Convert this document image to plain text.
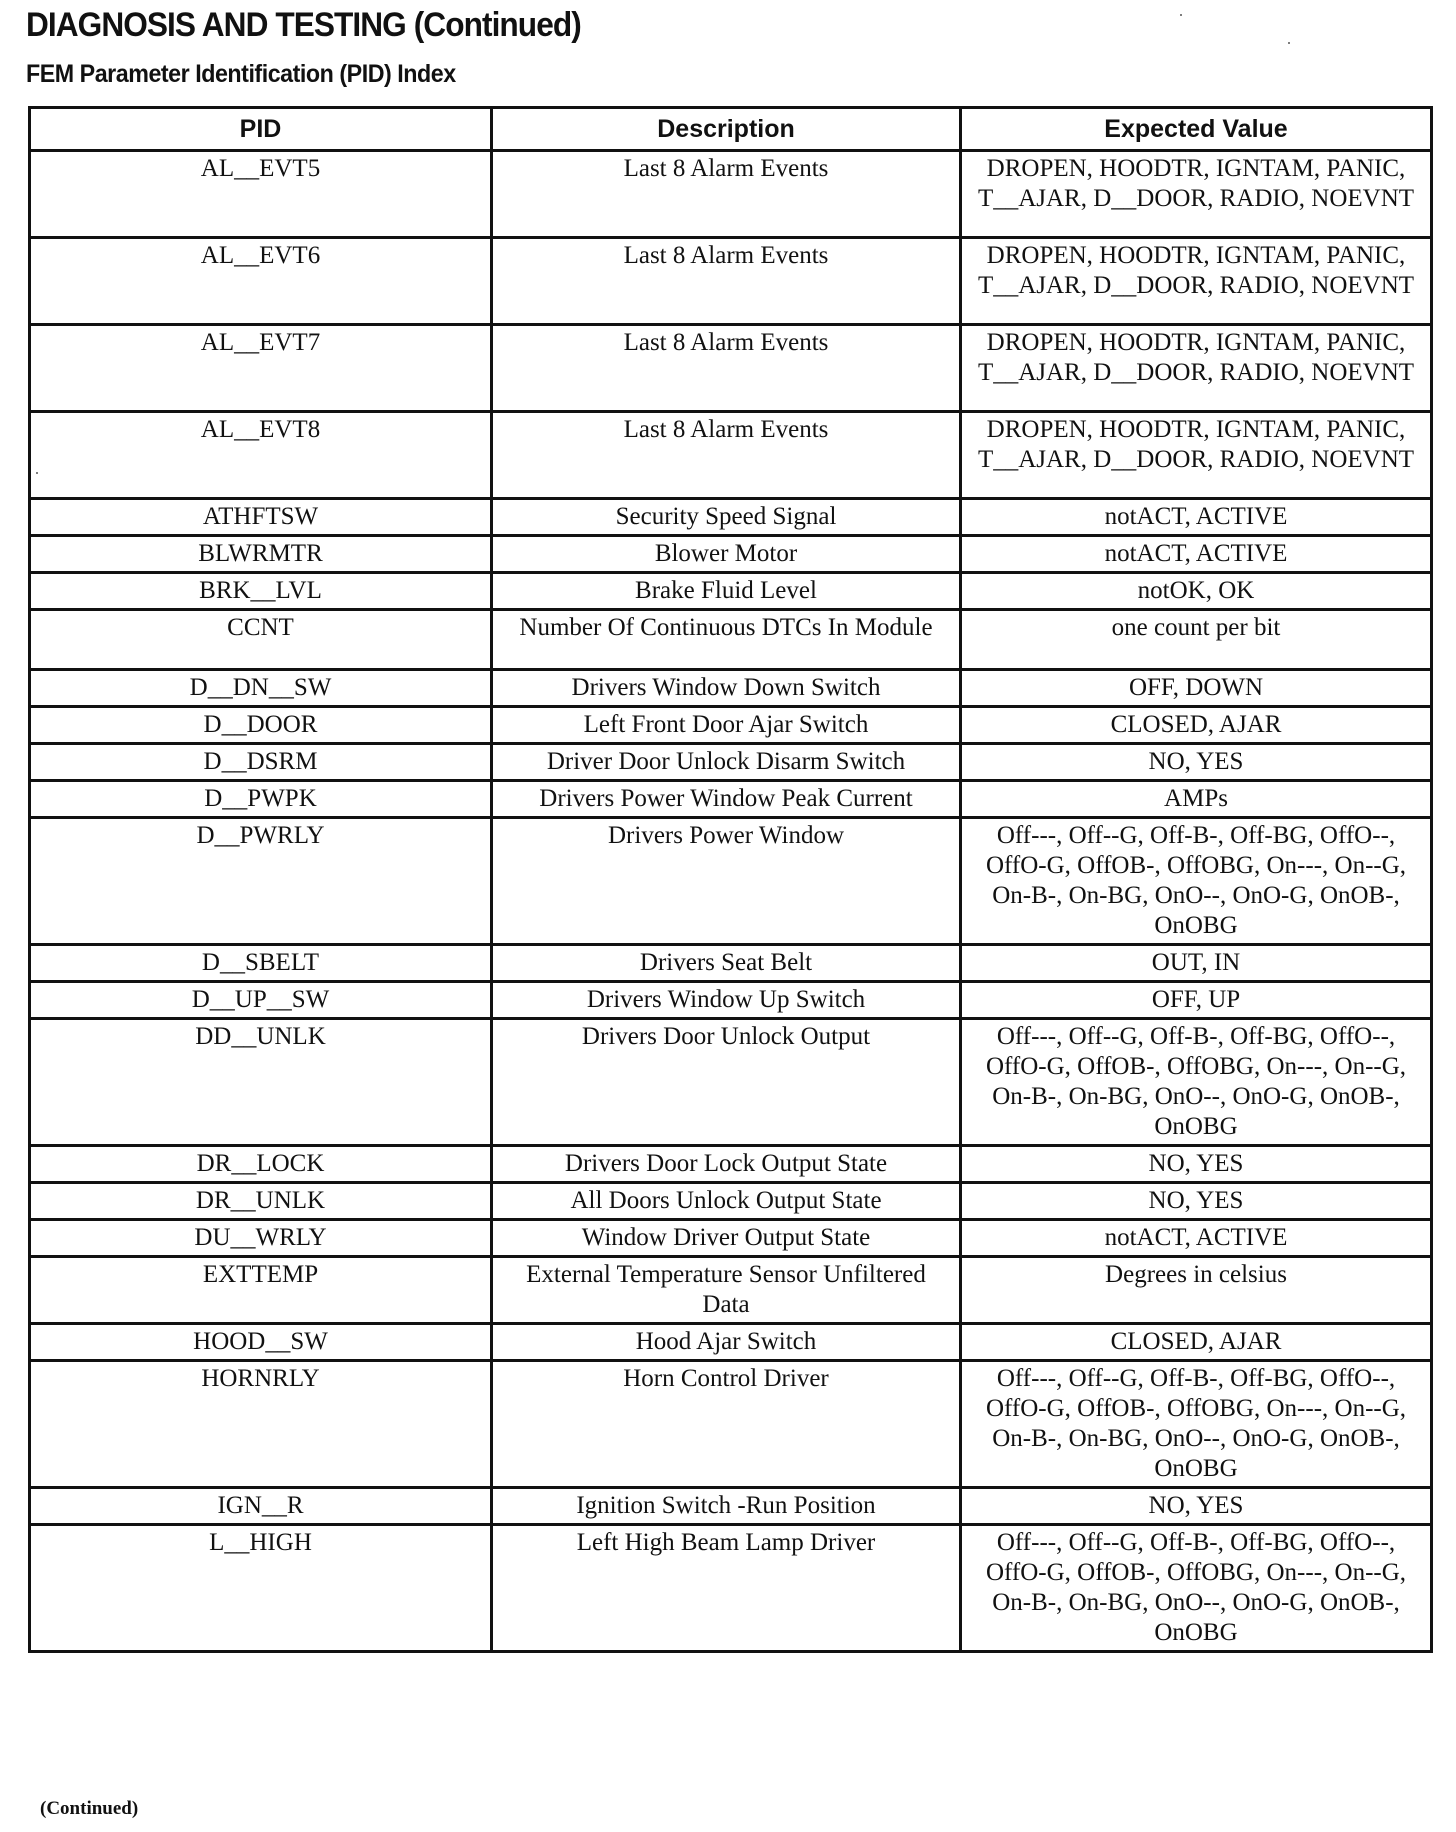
DIAGNOSIS AND TESTING (Continued)
FEM Parameter Identification (PID) Index
PID	Description	Expected Value
AL__EVT5	Last 8 Alarm Events	DROPEN, HOODTR, IGNTAM, PANIC, T__AJAR, D__DOOR, RADIO, NOEVNT
AL__EVT6	Last 8 Alarm Events	DROPEN, HOODTR, IGNTAM, PANIC, T__AJAR, D__DOOR, RADIO, NOEVNT
AL__EVT7	Last 8 Alarm Events	DROPEN, HOODTR, IGNTAM, PANIC, T__AJAR, D__DOOR, RADIO, NOEVNT
AL__EVT8	Last 8 Alarm Events	DROPEN, HOODTR, IGNTAM, PANIC, T__AJAR, D__DOOR, RADIO, NOEVNT
ATHFTSW	Security Speed Signal	notACT, ACTIVE
BLWRMTR	Blower Motor	notACT, ACTIVE
BRK__LVL	Brake Fluid Level	notOK, OK
CCNT	Number Of Continuous DTCs In Module	one count per bit
D__DN__SW	Drivers Window Down Switch	OFF, DOWN
D__DOOR	Left Front Door Ajar Switch	CLOSED, AJAR
D__DSRM	Driver Door Unlock Disarm Switch	NO, YES
D__PWPK	Drivers Power Window Peak Current	AMPs
D__PWRLY	Drivers Power Window	Off---, Off--G, Off-B-, Off-BG, OffO--, OffO-G, OffOB-, OffOBG, On---, On--G, On-B-, On-BG, OnO--, OnO-G, OnOB-, OnOBG
D__SBELT	Drivers Seat Belt	OUT, IN
D__UP__SW	Drivers Window Up Switch	OFF, UP
DD__UNLK	Drivers Door Unlock Output	Off---, Off--G, Off-B-, Off-BG, OffO--, OffO-G, OffOB-, OffOBG, On---, On--G, On-B-, On-BG, OnO--, OnO-G, OnOB-, OnOBG
DR__LOCK	Drivers Door Lock Output State	NO, YES
DR__UNLK	All Doors Unlock Output State	NO, YES
DU__WRLY	Window Driver Output State	notACT, ACTIVE
EXTTEMP	External Temperature Sensor Unfiltered Data	Degrees in celsius
HOOD__SW	Hood Ajar Switch	CLOSED, AJAR
HORNRLY	Horn Control Driver	Off---, Off--G, Off-B-, Off-BG, OffO--, OffO-G, OffOB-, OffOBG, On---, On--G, On-B-, On-BG, OnO--, OnO-G, OnOB-, OnOBG
IGN__R	Ignition Switch -Run Position	NO, YES
L__HIGH	Left High Beam Lamp Driver	Off---, Off--G, Off-B-, Off-BG, OffO--, OffO-G, OffOB-, OffOBG, On---, On--G, On-B-, On-BG, OnO--, OnO-G, OnOB-, OnOBG
(Continued)
